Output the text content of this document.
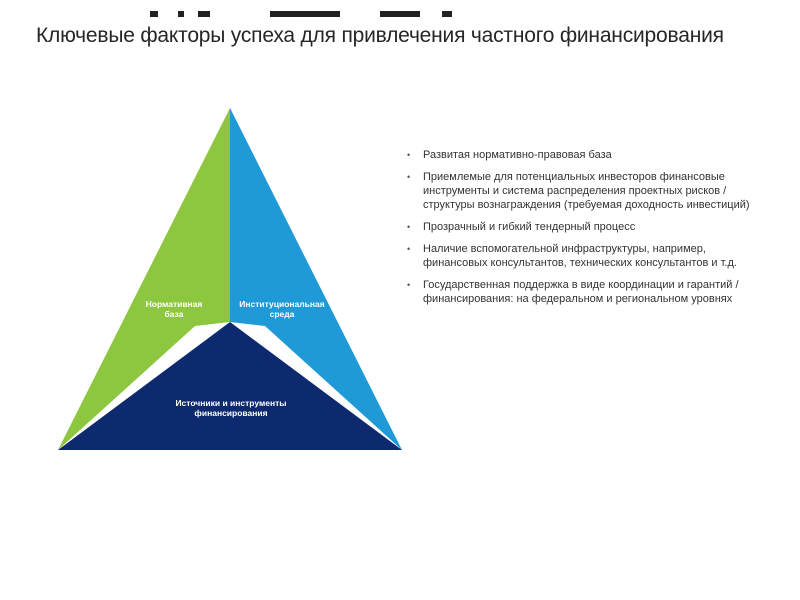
Ключевые факторы успеха для привлечения частного финансирования
Нормативная база
Институциональная среда
Источники и инструменты финансирования
• Развитая нормативно-правовая база
• Приемлемые для потенциальных инвесторов финансовые инструменты и система распределения проектных рисков / структуры вознаграждения (требуемая доходность инвестиций)
• Прозрачный и гибкий тендерный процесс
• Наличие вспомогательной инфраструктуры, например, финансовых консультантов, технических консультантов и т.д.
• Государственная поддержка в виде координации и гарантий / финансирования: на федеральном и региональном уровнях
